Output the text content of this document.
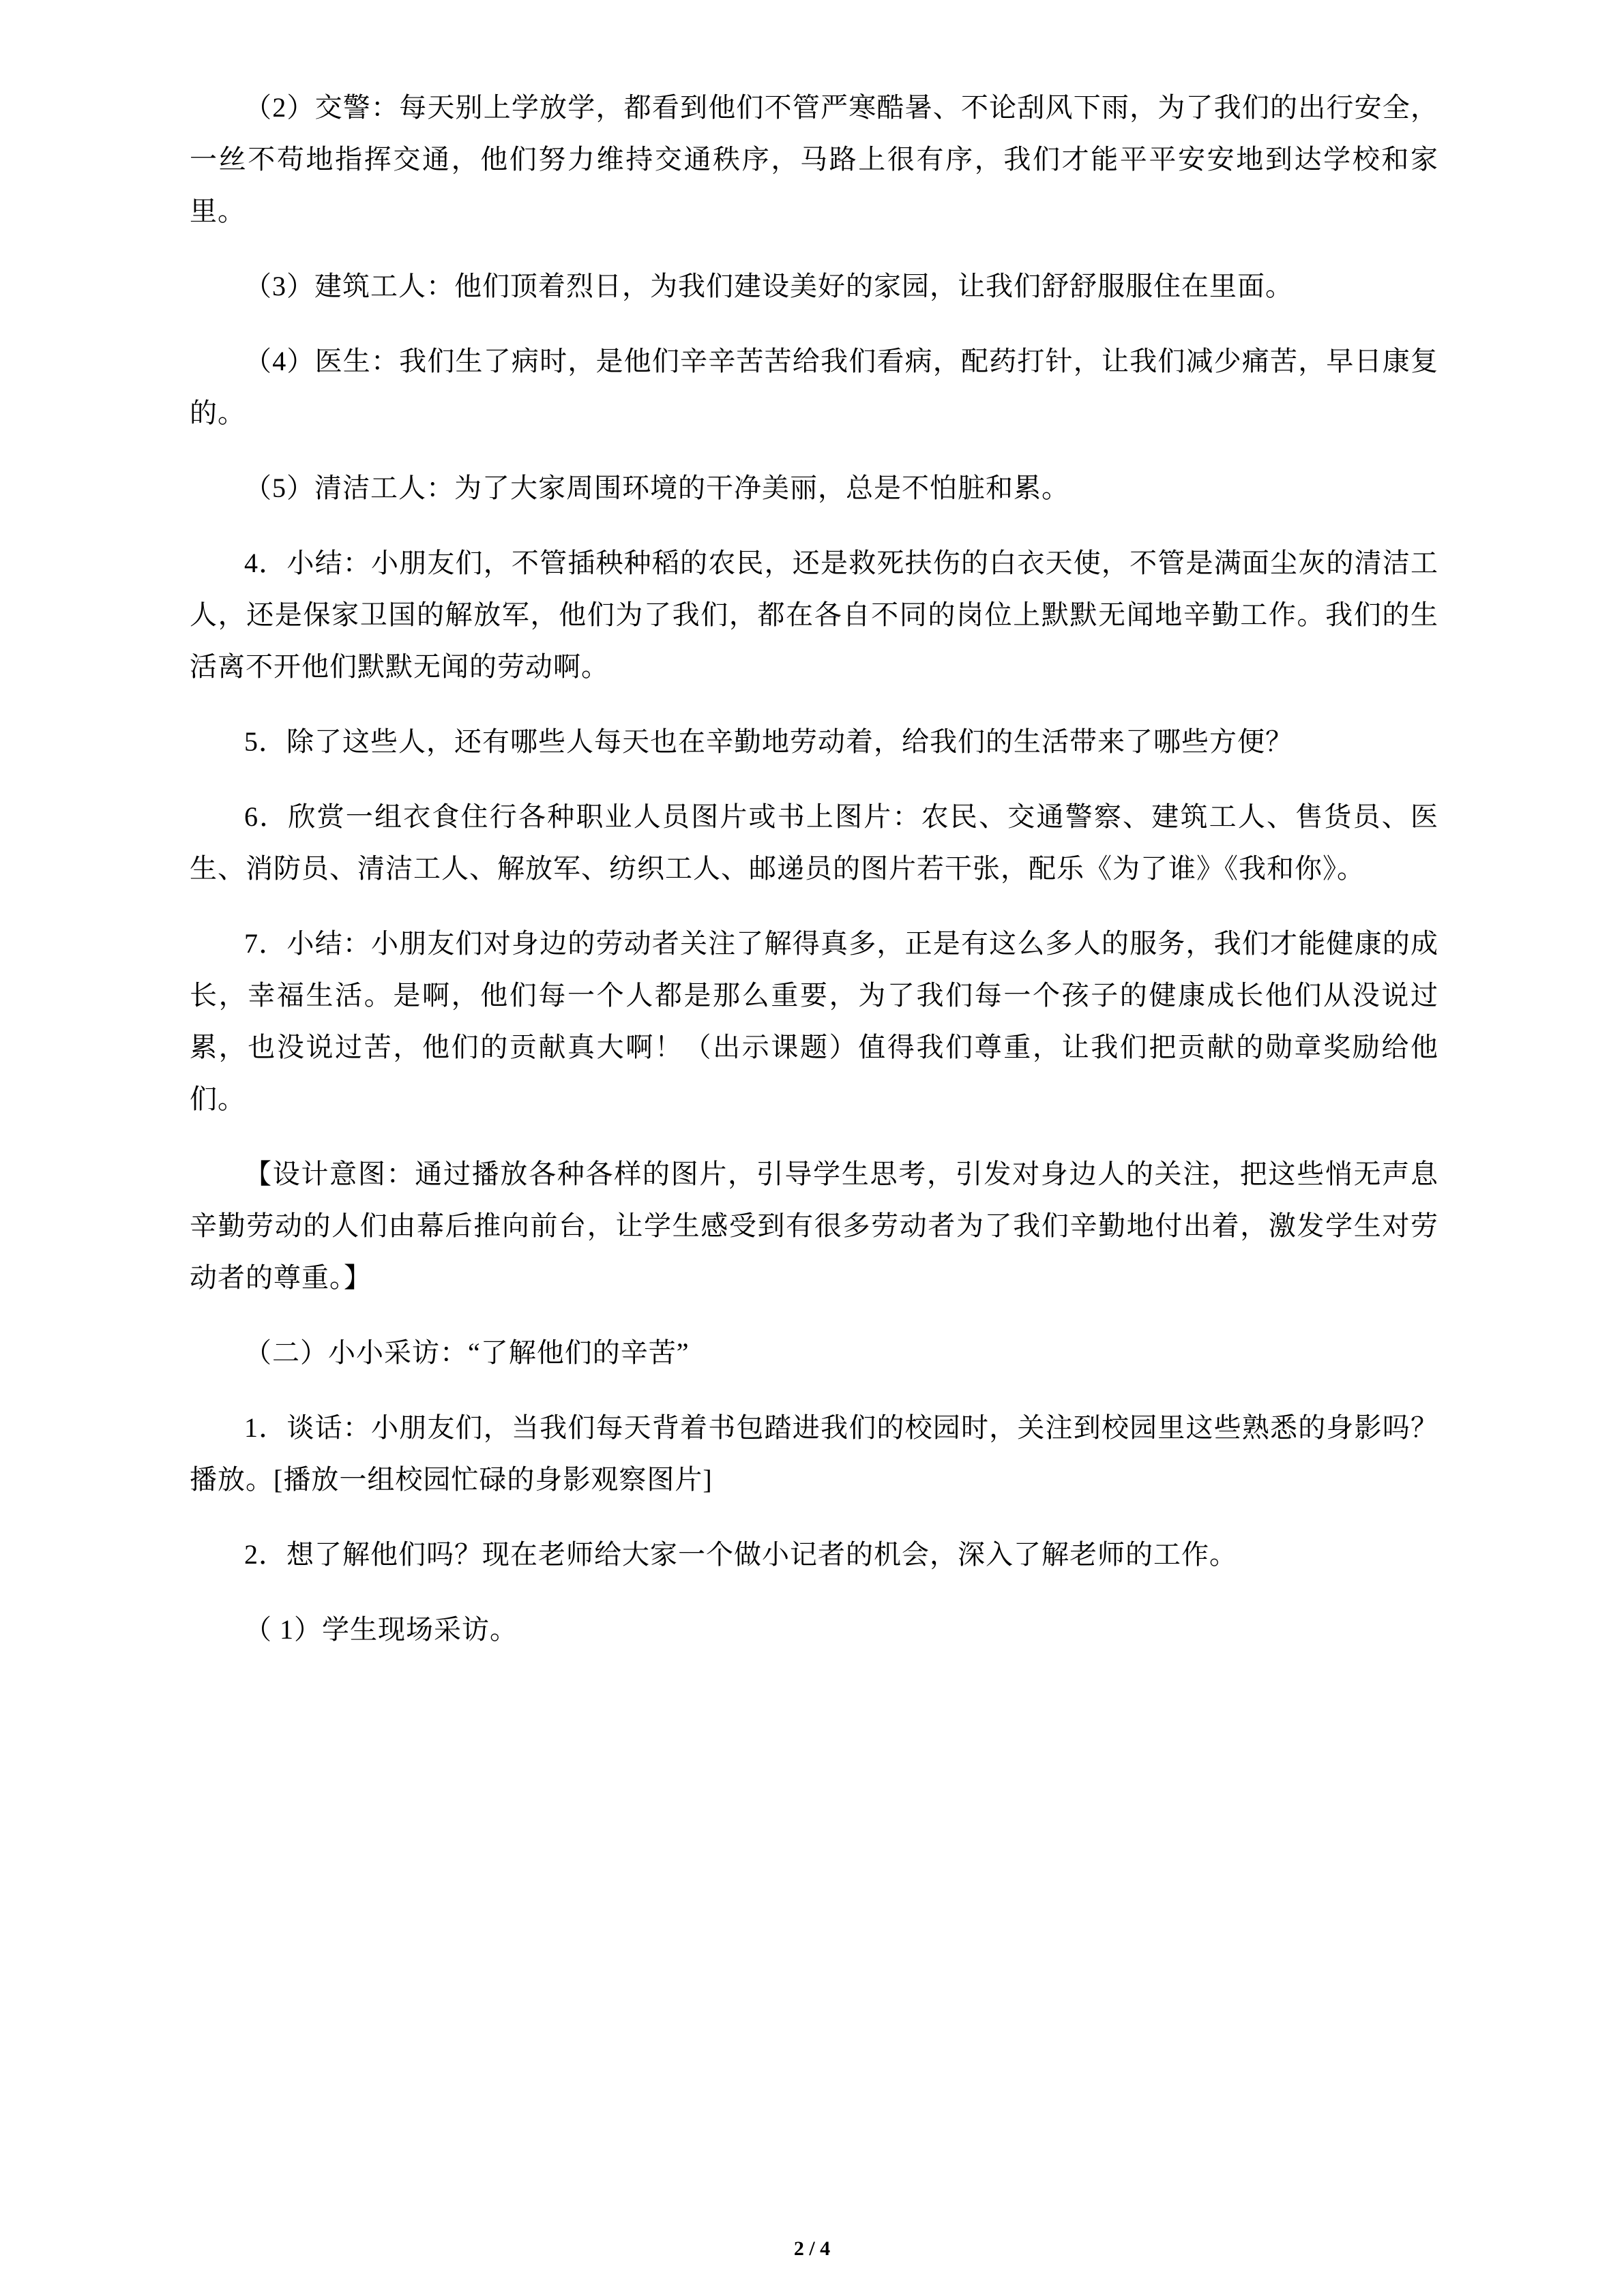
（2）交警：每天别上学放学，都看到他们不管严寒酷暑、不论刮风下雨，为了我们的出行安全，一丝不苟地指挥交通，他们努力维持交通秩序，马路上很有序，我们才能平平安安地到达学校和家里。

（3）建筑工人：他们顶着烈日，为我们建设美好的家园，让我们舒舒服服住在里面。

（4）医生：我们生了病时，是他们辛辛苦苦给我们看病，配药打针，让我们减少痛苦，早日康复的。

（5）清洁工人：为了大家周围环境的干净美丽，总是不怕脏和累。

4．小结：小朋友们，不管插秧种稻的农民，还是救死扶伤的白衣天使，不管是满面尘灰的清洁工人，还是保家卫国的解放军，他们为了我们，都在各自不同的岗位上默默无闻地辛勤工作。我们的生活离不开他们默默无闻的劳动啊。

5．除了这些人，还有哪些人每天也在辛勤地劳动着，给我们的生活带来了哪些方便？

6．欣赏一组衣食住行各种职业人员图片或书上图片：农民、交通警察、建筑工人、售货员、医生、消防员、清洁工人、解放军、纺织工人、邮递员的图片若干张，配乐《为了谁》《我和你》。

7．小结：小朋友们对身边的劳动者关注了解得真多，正是有这么多人的服务，我们才能健康的成长，幸福生活。是啊，他们每一个人都是那么重要，为了我们每一个孩子的健康成长他们从没说过累，也没说过苦，他们的贡献真大啊！（出示课题）值得我们尊重，让我们把贡献的勋章奖励给他们。

【设计意图：通过播放各种各样的图片，引导学生思考，引发对身边人的关注，把这些悄无声息辛勤劳动的人们由幕后推向前台，让学生感受到有很多劳动者为了我们辛勤地付出着，激发学生对劳动者的尊重。】

（二）小小采访：“了解他们的辛苦”

1．谈话：小朋友们，当我们每天背着书包踏进我们的校园时，关注到校园里这些熟悉的身影吗？播放。[播放一组校园忙碌的身影观察图片]

2．想了解他们吗？现在老师给大家一个做小记者的机会，深入了解老师的工作。

（ 1）学生现场采访。

2 / 4
